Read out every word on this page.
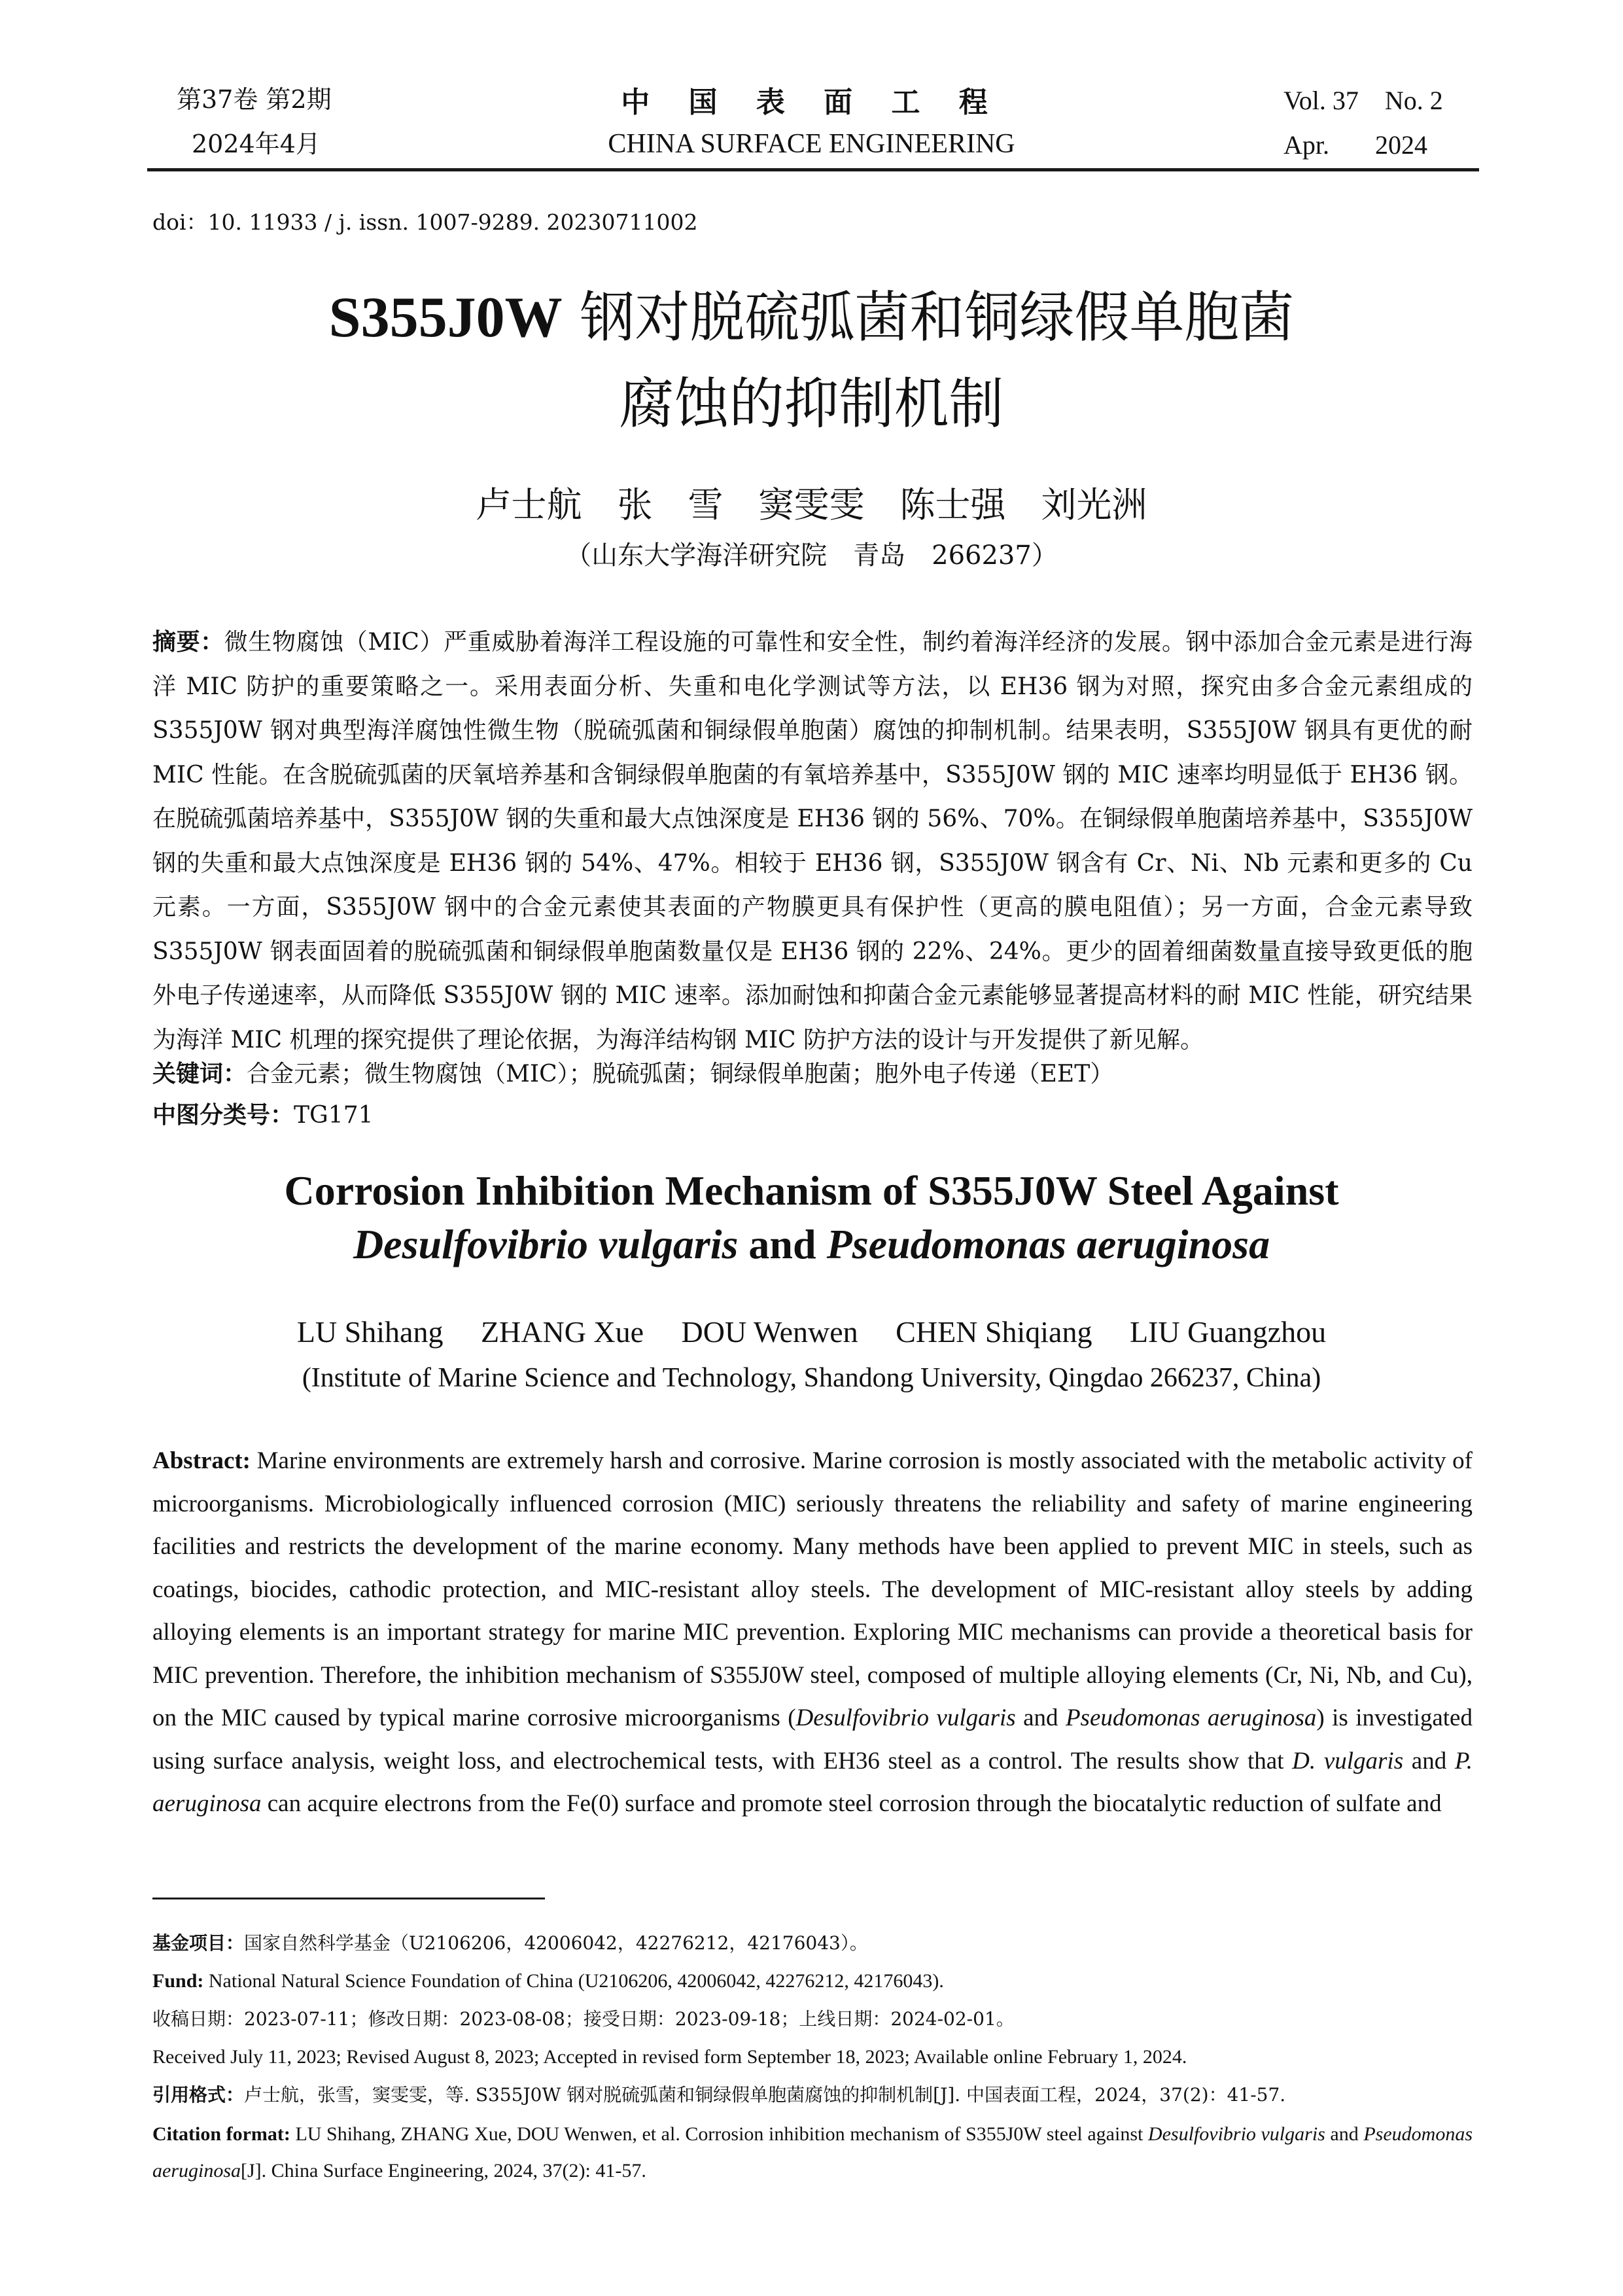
第37卷 第2期
2024年4月
中 国 表 面 工 程
CHINA SURFACE ENGINEERING
Vol. 37 No. 2
Apr. 2024
doi：10. 11933 / j. issn. 1007-9289. 20230711002
S355J0W 钢对脱硫弧菌和铜绿假单胞菌
腐蚀的抑制机制
卢士航　张　雪　窦雯雯　陈士强　刘光洲
（山东大学海洋研究院　青岛　266237）
摘要：微生物腐蚀（MIC）严重威胁着海洋工程设施的可靠性和安全性，制约着海洋经济的发展。钢中添加合金元素是进行海洋 MIC 防护的重要策略之一。采用表面分析、失重和电化学测试等方法，以 EH36 钢为对照，探究由多合金元素组成的 S355J0W 钢对典型海洋腐蚀性微生物（脱硫弧菌和铜绿假单胞菌）腐蚀的抑制机制。结果表明，S355J0W 钢具有更优的耐 MIC 性能。在含脱硫弧菌的厌氧培养基和含铜绿假单胞菌的有氧培养基中，S355J0W 钢的 MIC 速率均明显低于 EH36 钢。在脱硫弧菌培养基中，S355J0W 钢的失重和最大点蚀深度是 EH36 钢的 56%、70%。在铜绿假单胞菌培养基中，S355J0W 钢的失重和最大点蚀深度是 EH36 钢的 54%、47%。相较于 EH36 钢，S355J0W 钢含有 Cr、Ni、Nb 元素和更多的 Cu 元素。一方面，S355J0W 钢中的合金元素使其表面的产物膜更具有保护性（更高的膜电阻值）；另一方面，合金元素导致 S355J0W 钢表面固着的脱硫弧菌和铜绿假单胞菌数量仅是 EH36 钢的 22%、24%。更少的固着细菌数量直接导致更低的胞外电子传递速率，从而降低 S355J0W 钢的 MIC 速率。添加耐蚀和抑菌合金元素能够显著提高材料的耐 MIC 性能，研究结果为海洋 MIC 机理的探究提供了理论依据，为海洋结构钢 MIC 防护方法的设计与开发提供了新见解。
关键词：合金元素；微生物腐蚀（MIC）；脱硫弧菌；铜绿假单胞菌；胞外电子传递（EET）
中图分类号：TG171
Corrosion Inhibition Mechanism of S355J0W Steel Against
Desulfovibrio vulgaris and Pseudomonas aeruginosa
LU Shihang　 ZHANG Xue　 DOU Wenwen　 CHEN Shiqiang　 LIU Guangzhou
(Institute of Marine Science and Technology, Shandong University, Qingdao 266237, China)
Abstract: Marine environments are extremely harsh and corrosive. Marine corrosion is mostly associated with the metabolic activity of microorganisms. Microbiologically influenced corrosion (MIC) seriously threatens the reliability and safety of marine engineering facilities and restricts the development of the marine economy. Many methods have been applied to prevent MIC in steels, such as coatings, biocides, cathodic protection, and MIC-resistant alloy steels. The development of MIC-resistant alloy steels by adding alloying elements is an important strategy for marine MIC prevention. Exploring MIC mechanisms can provide a theoretical basis for MIC prevention. Therefore, the inhibition mechanism of S355J0W steel, composed of multiple alloying elements (Cr, Ni, Nb, and Cu), on the MIC caused by typical marine corrosive microorganisms (Desulfovibrio vulgaris and Pseudomonas aeruginosa) is investigated using surface analysis, weight loss, and electrochemical tests, with EH36 steel as a control. The results show that D. vulgaris and P. aeruginosa can acquire electrons from the Fe(0) surface and promote steel corrosion through the biocatalytic reduction of sulfate and
基金项目：国家自然科学基金（U2106206，42006042，42276212，42176043）。
Fund: National Natural Science Foundation of China (U2106206, 42006042, 42276212, 42176043).
收稿日期：2023-07-11；修改日期：2023-08-08；接受日期：2023-09-18；上线日期：2024-02-01。
Received July 11, 2023; Revised August 8, 2023; Accepted in revised form September 18, 2023; Available online February 1, 2024.
引用格式：卢士航，张雪，窦雯雯，等. S355J0W 钢对脱硫弧菌和铜绿假单胞菌腐蚀的抑制机制[J]. 中国表面工程，2024，37(2)：41-57.
Citation format: LU Shihang, ZHANG Xue, DOU Wenwen, et al. Corrosion inhibition mechanism of S355J0W steel against Desulfovibrio vulgaris and Pseudomonas aeruginosa[J]. China Surface Engineering, 2024, 37(2): 41-57.
